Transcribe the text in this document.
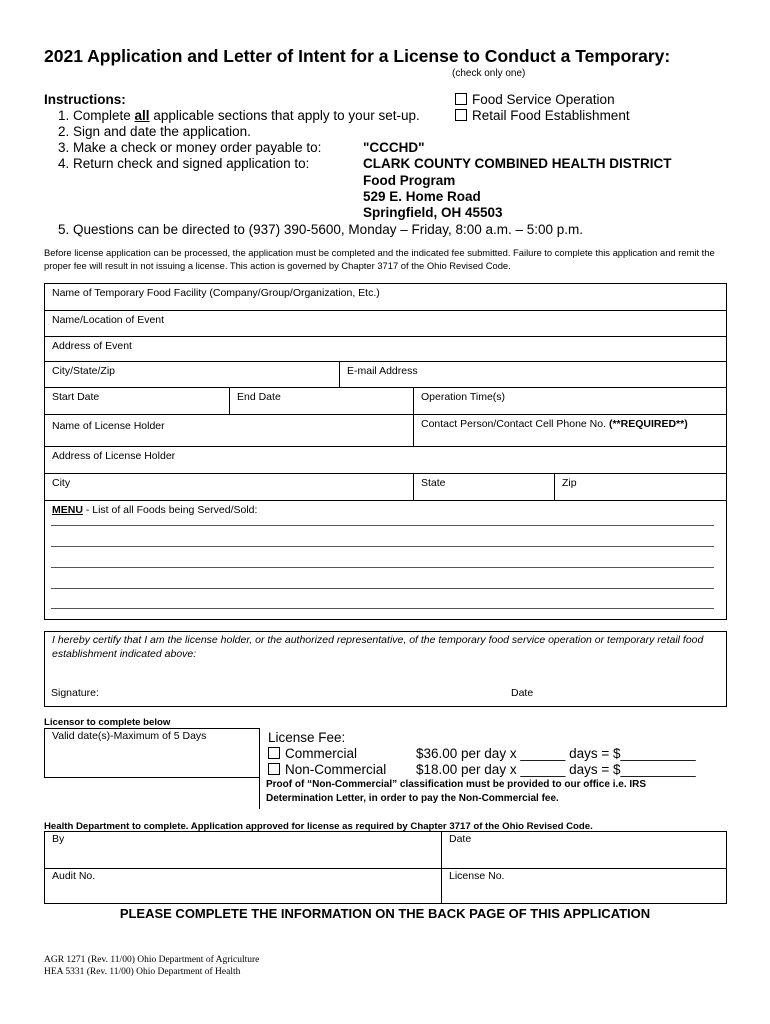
2021 Application and Letter of Intent for a License to Conduct a Temporary:
(check only one)
Food Service Operation
Retail Food Establishment
Instructions:
1. Complete all applicable sections that apply to your set-up.
2. Sign and date the application.
3. Make a check or money order payable to:
4. Return check and signed application to:
"CCCHD"
CLARK COUNTY COMBINED HEALTH DISTRICT
Food Program
529 E. Home Road
Springfield, OH 45503
5. Questions can be directed to (937) 390-5600, Monday – Friday, 8:00 a.m. – 5:00 p.m.
Before license application can be processed, the application must be completed and the indicated fee submitted. Failure to complete this application and remit the proper fee will result in not issuing a license. This action is governed by Chapter 3717 of the Ohio Revised Code.
Name of Temporary Food Facility (Company/Group/Organization, Etc.)
Name/Location of Event
Address of Event
City/State/Zip	E-mail Address
Start Date	End Date	Operation Time(s)
Name of License Holder	Contact Person/Contact Cell Phone No. (**REQUIRED**)
Address of License Holder
City	State	Zip
MENU - List of all Foods being Served/Sold:
I hereby certify that I am the license holder, or the authorized representative, of the temporary food service operation or temporary retail food establishment indicated above:
Signature:	Date
Licensor to complete below
Valid date(s)-Maximum of 5 Days	License Fee:
Commercial	$36.00 per day x ______ days = $__________
Non-Commercial $18.00 per day x ______ days = $__________
Proof of “Non-Commercial” classification must be provided to our office i.e. IRS
Determination Letter, in order to pay the Non-Commercial fee.
Health Department to complete. Application approved for license as required by Chapter 3717 of the Ohio Revised Code.
By	Date
Audit No.	License No.
PLEASE COMPLETE THE INFORMATION ON THE BACK PAGE OF THIS APPLICATION
AGR 1271 (Rev. 11/00) Ohio Department of Agriculture
HEA 5331 (Rev. 11/00) Ohio Department of Health
